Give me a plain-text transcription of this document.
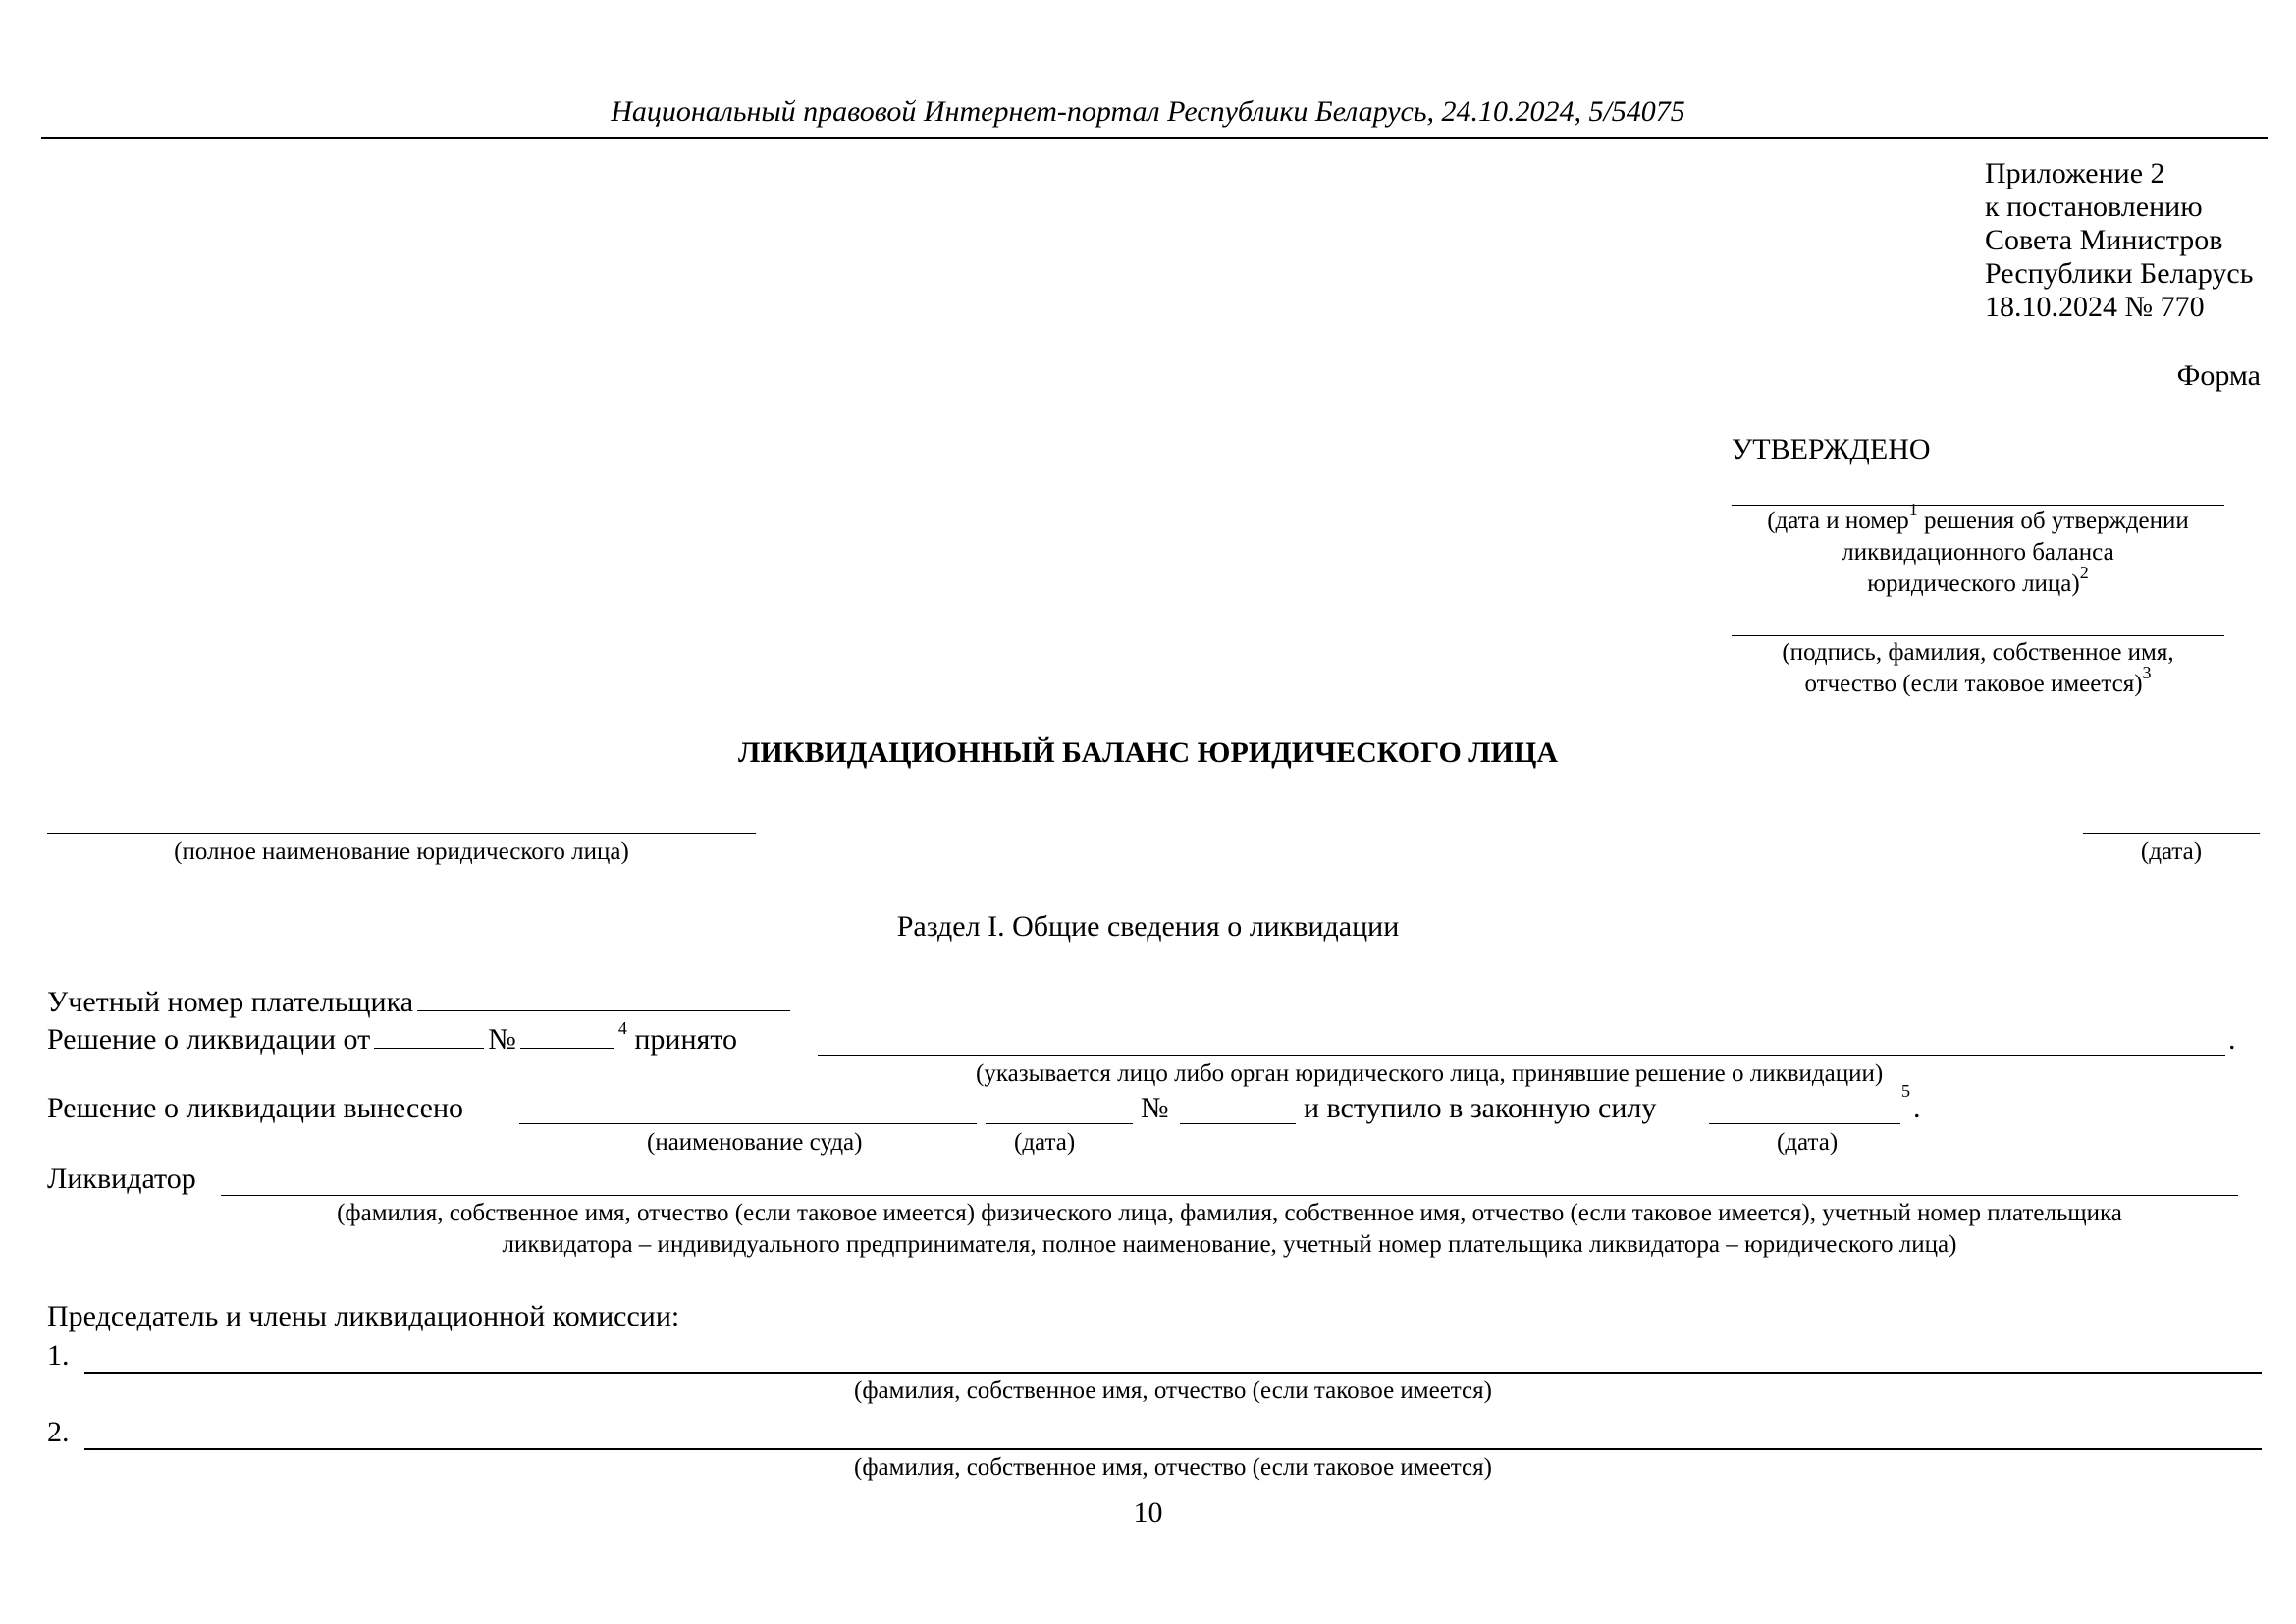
Национальный правовой Интернет-портал Республики Беларусь, 24.10.2024, 5/54075
Приложение 2
к постановлению
Совета Министров
Республики Беларусь
18.10.2024 № 770
Форма
УТВЕРЖДЕНО
(дата и номер$^1$ решения об утверждении
ликвидационного баланса
юридического лица)$^2$
(подпись, фамилия, собственное имя,
отчество (если таковое имеется)$^3$
ЛИКВИДАЦИОННЫЙ БАЛАНС ЮРИДИЧЕСКОГО ЛИЦА
(полное наименование юридического лица)	(дата)
Раздел I. Общие сведения о ликвидации
Учетный номер плательщика
Решение о ликвидации от	№	$^4$ принято	.
(указывается лицо либо орган юридического лица, принявшие решение о ликвидации)
Решение о ликвидации вынесено	№	и вступило в законную силу
$^5$
.
(наименование суда)	(дата)	(дата)
Ликвидатор
(фамилия, собственное имя, отчество (если таковое имеется) физического лица, фамилия, собственное имя, отчество (если таковое имеется), учетный номер плательщика
ликвидатора – индивидуального предпринимателя, полное наименование, учетный номер плательщика ликвидатора – юридического лица)
Председатель и члены ликвидационной комиссии:
1.
(фамилия, собственное имя, отчество (если таковое имеется)
2.
(фамилия, собственное имя, отчество (если таковое имеется)
10
